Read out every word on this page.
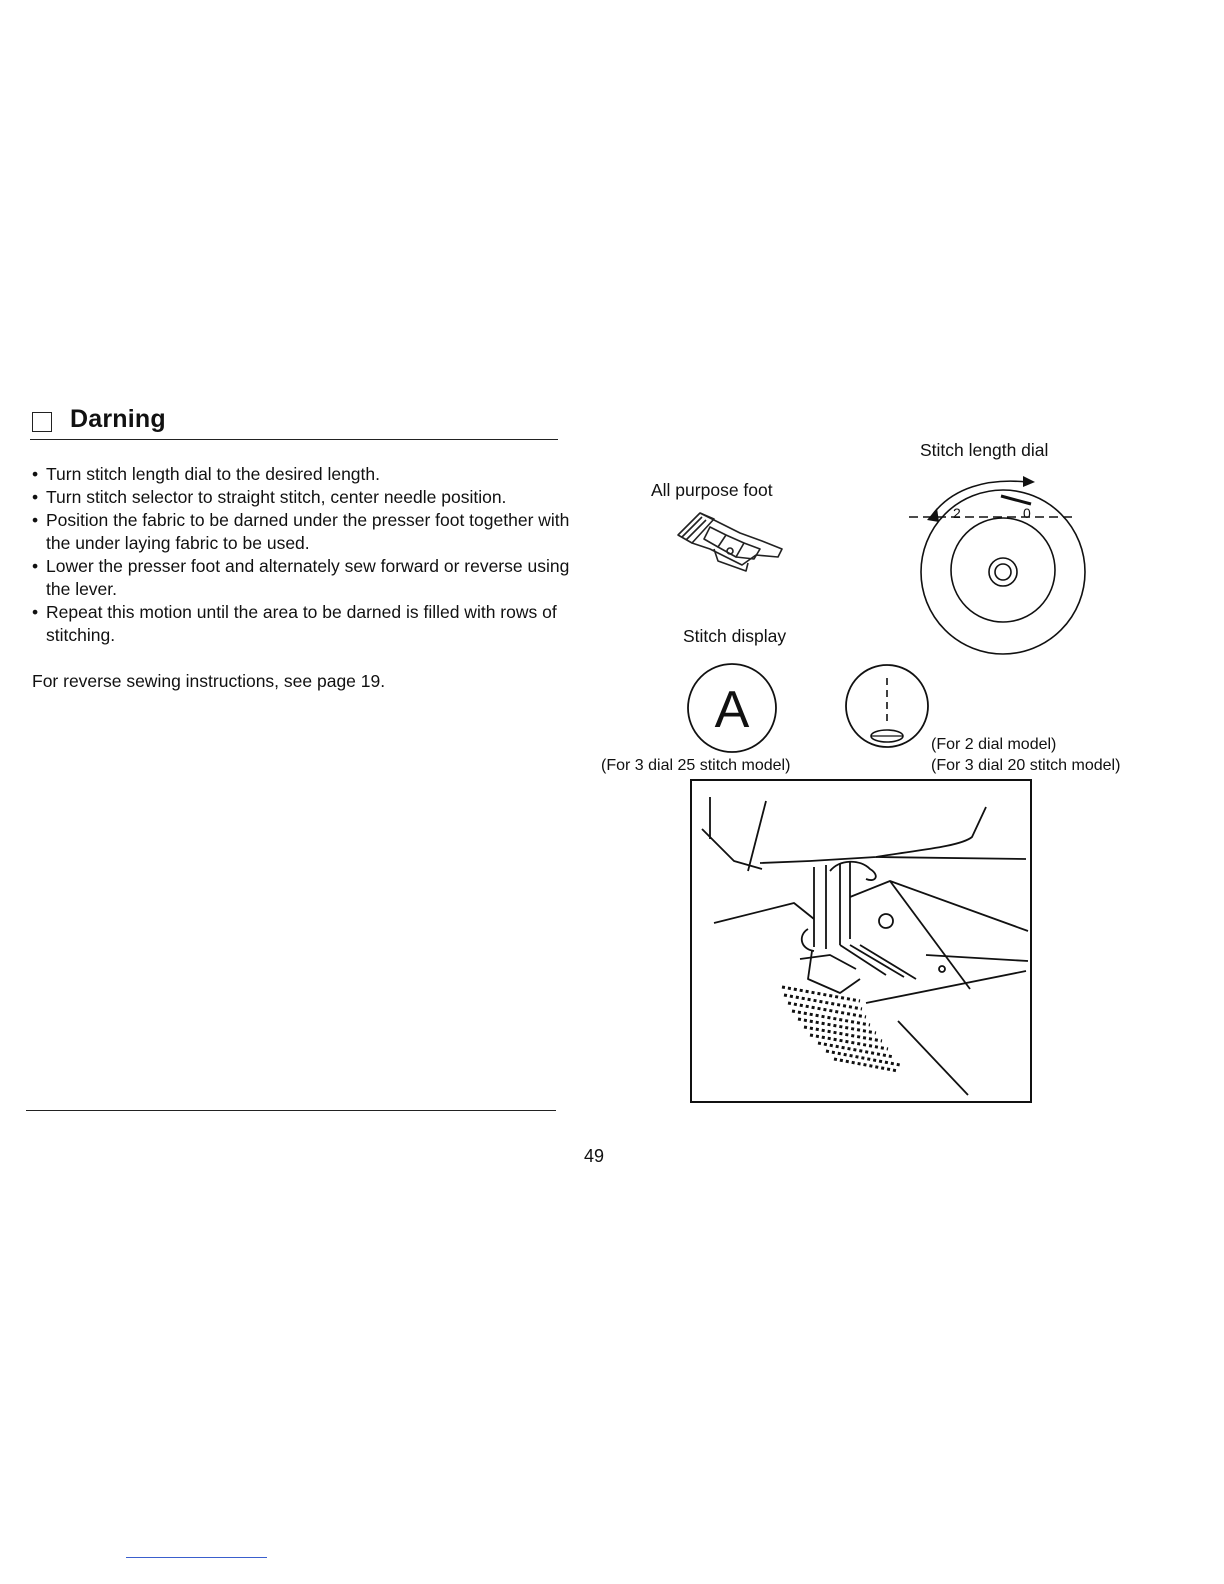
Darning
• Turn stitch length dial to the desired length.
• Turn stitch selector to straight stitch, center needle position.
• Position the fabric to be darned under the presser foot together with the under laying fabric to be used.
• Lower the presser foot and alternately sew forward or reverse using the lever.
• Repeat this motion until the area to be darned is filled with rows of stitching.
For reverse sewing instructions, see page 19.
All purpose foot
Stitch length dial
Stitch display
(For 3 dial 25 stitch model)
(For 2 dial model)
(For 3 dial 20 stitch model)
2	0
A
49
